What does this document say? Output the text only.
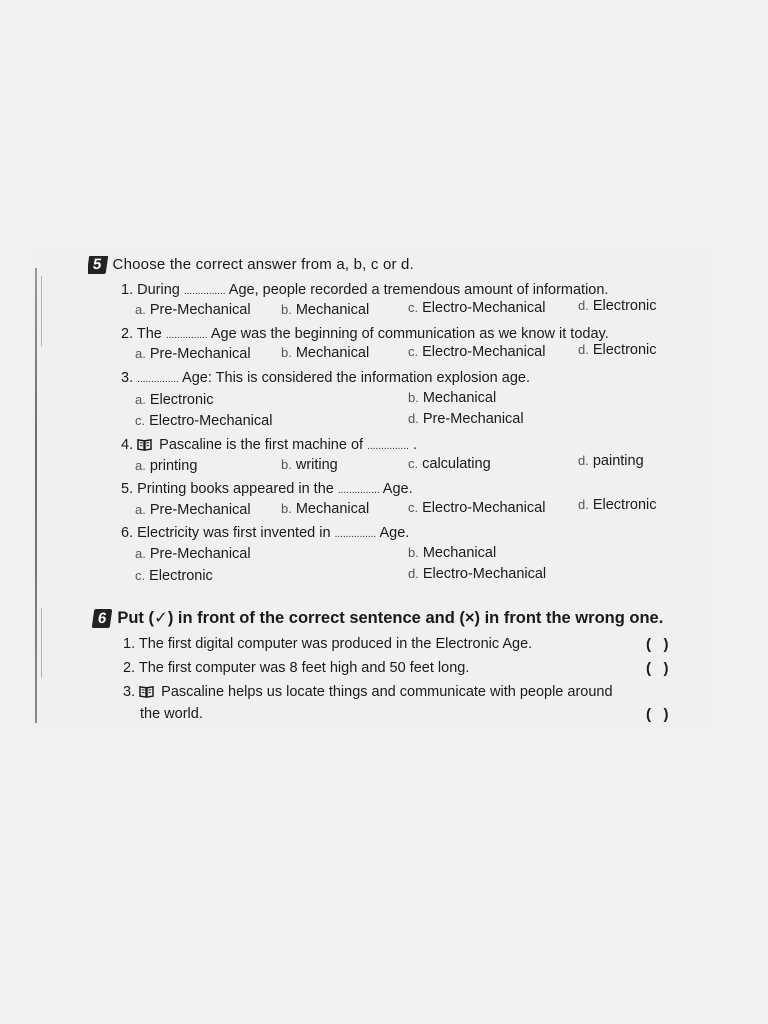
5 Choose the correct answer from a, b, c or d.
1. During ............... Age, people recorded a tremendous amount of information.
a. Pre-Mechanical b. Mechanical	c. Electro-Mechanical	d. Electronic
2. The ............... Age was the beginning of communication as we know it today.
a. Pre-Mechanical b. Mechanical	c. Electro-Mechanical	d. Electronic
3. ............... Age: This is considered the information explosion age.
a. Electronic	b. Mechanical
c. Electro-Mechanical	d. Pre-Mechanical
4. Pascaline is the first machine of ............... .
a. printing	b. writing	c. calculating	d. painting
5. Printing books appeared in the ............... Age.
a. Pre-Mechanical b. Mechanical	c. Electro-Mechanical	d. Electronic
6. Electricity was first invented in ............... Age.
a. Pre-Mechanical	b. Mechanical
c. Electronic	d. Electro-Mechanical
6 Put (✓) in front of the correct sentence and (×) in front the wrong one.
1. The first digital computer was produced in the Electronic Age.	(   )
2. The first computer was 8 feet high and 50 feet long.	(   )
3. Pascaline helps us locate things and communicate with people around
the world.	(   )
